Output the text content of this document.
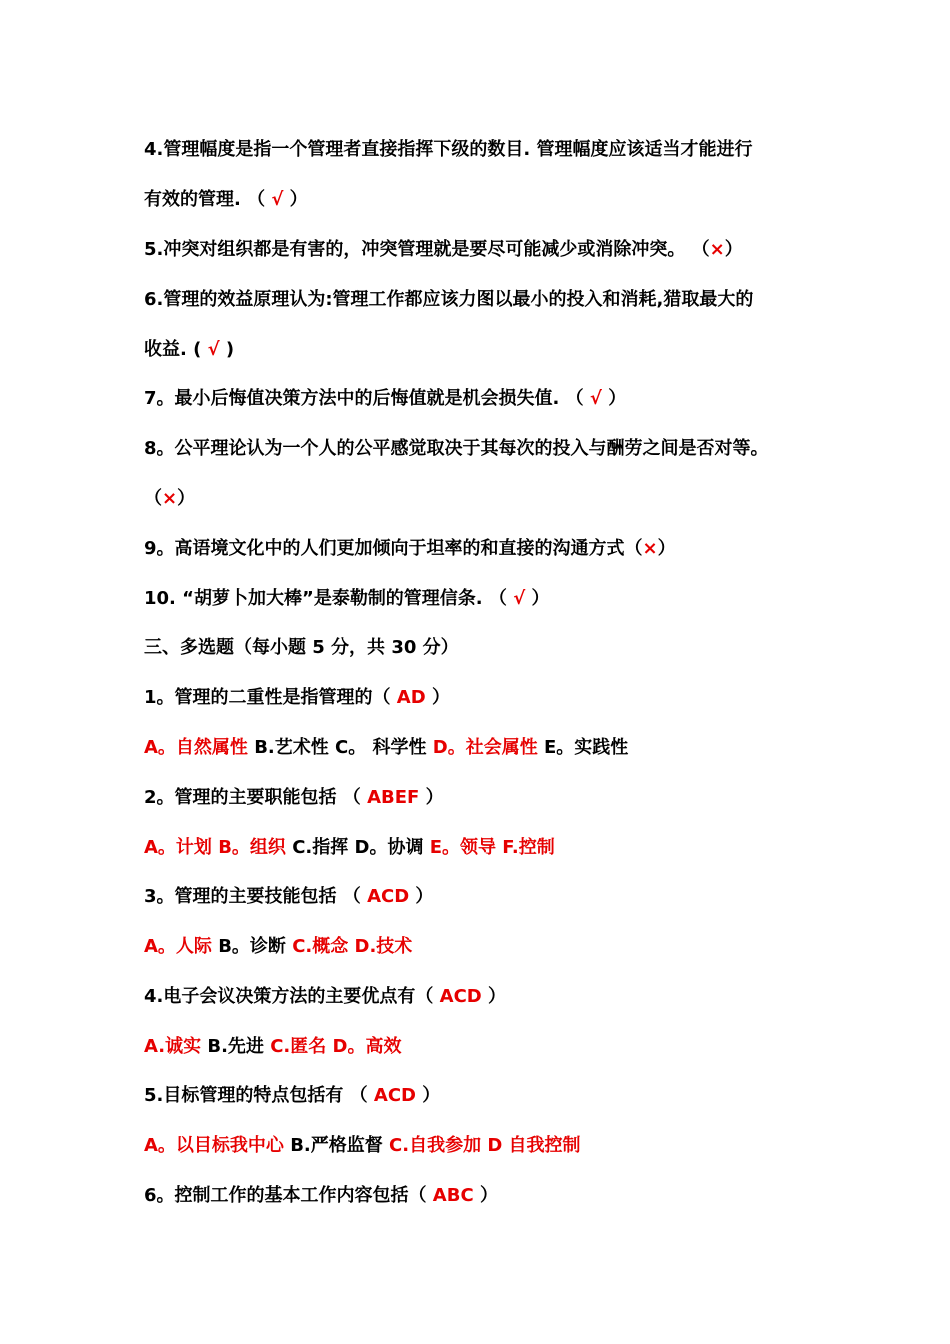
4.管理幅度是指一个管理者直接指挥下级的数目. 管理幅度应该适当才能进行
有效的管理. （ √ ）
5.冲突对组织都是有害的，冲突管理就是要尽可能减少或消除冲突。 （×）
6.管理的效益原理认为:管理工作都应该力图以最小的投入和消耗,猎取最大的
收益. ( √ )
7。最小后悔值决策方法中的后悔值就是机会损失值. （ √ ）
8。公平理论认为一个人的公平感觉取决于其每次的投入与酬劳之间是否对等。
（×）
9。高语境文化中的人们更加倾向于坦率的和直接的沟通方式（×）
10. “胡萝卜加大棒”是泰勒制的管理信条. （ √ ）
三、多选题（每小题 5 分，共 30 分）
1。管理的二重性是指管理的（ AD ）
A。自然属性 B.艺术性 C。 科学性 D。社会属性 E。实践性
2。管理的主要职能包括 （ ABEF ）
A。计划 B。组织 C.指挥 D。协调 E。领导 F.控制
3。管理的主要技能包括 （ ACD ）
A。人际 B。诊断 C.概念 D.技术
4.电子会议决策方法的主要优点有（ ACD ）
A.诚实 B.先进 C.匿名 D。高效
5.目标管理的特点包括有 （ ACD ）
A。以目标我中心 B.严格监督 C.自我参加 D 自我控制
6。控制工作的基本工作内容包括（ ABC ）
